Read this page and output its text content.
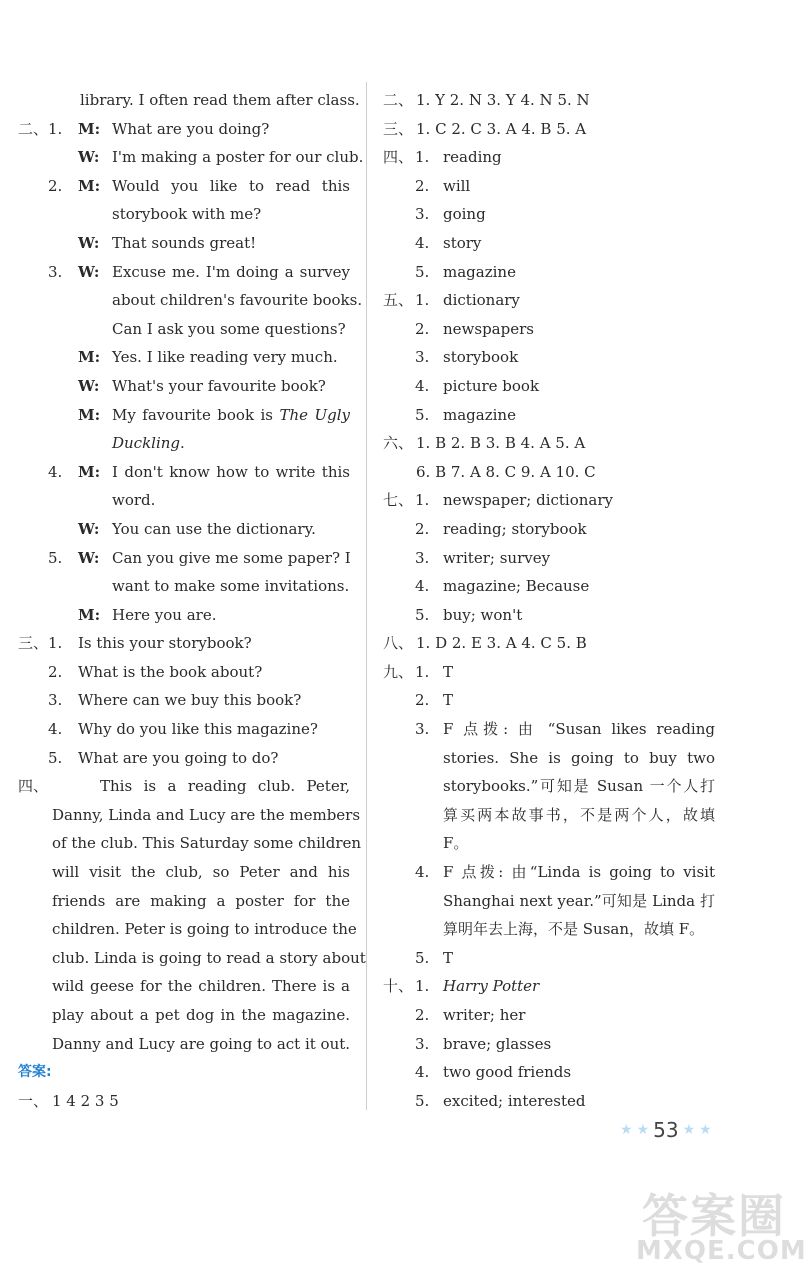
library. I often read them after class.
二、 1. M: What are you doing?
W: I'm making a poster for our club.
2. M: Would you like to read this
storybook with me?
W: That sounds great!
3. W: Excuse me. I'm doing a survey
about children's favourite books.
Can I ask you some questions?
M: Yes. I like reading very much.
W: What's your favourite book?
M: My favourite book is The Ugly
Duckling.
4. M: I don't know how to write this
word.
W: You can use the dictionary.
5. W: Can you give me some paper? I
want to make some invitations.
M: Here you are.
三、 1. Is this your storybook?
2. What is the book about?
3. Where can we buy this book?
4. Why do you like this magazine?
5. What are you going to do?
四、	This is a reading club. Peter,
Danny, Linda and Lucy are the members
of the club. This Saturday some children
will visit the club, so Peter and his
friends are making a poster for the
children. Peter is going to introduce the
club. Linda is going to read a story about
wild geese for the children. There is a
play about a pet dog in the magazine.
Danny and Lucy are going to act it out.
答案:
一、 1 4 2 3 5
二、 1. Y 2. N 3. Y 4. N 5. N
三、 1. C 2. C 3. A 4. B 5. A
四、 1. reading
2. will
3. going
4. story
5. magazine
五、 1. dictionary
2. newspapers
3. storybook
4. picture book
5. magazine
六、 1. B 2. B 3. B 4. A 5. A
6. B 7. A 8. C 9. A 10. C
七、 1. newspaper; dictionary
2. reading; storybook
3. writer; survey
4. magazine; Because
5. buy; won't
八、 1. D 2. E 3. A 4. C 5. B
九、 1. T
2. T
3. F 点拨: 由 “Susan likes reading
stories. She is going to buy two
storybooks.”可知是 Susan 一个人打
算买两本故事书，不是两个人，故填
F。
4. F 点拨: 由“Linda is going to visit
Shanghai next year.”可知是 Linda 打
算明年去上海，不是 Susan，故填 F。
5. T
十、 1. Harry Potter
2. writer; her
3. brave; glasses
4. two good friends
5. excited; interested
★ ★ 53 ★ ★
答案圈
MXQE.COM
